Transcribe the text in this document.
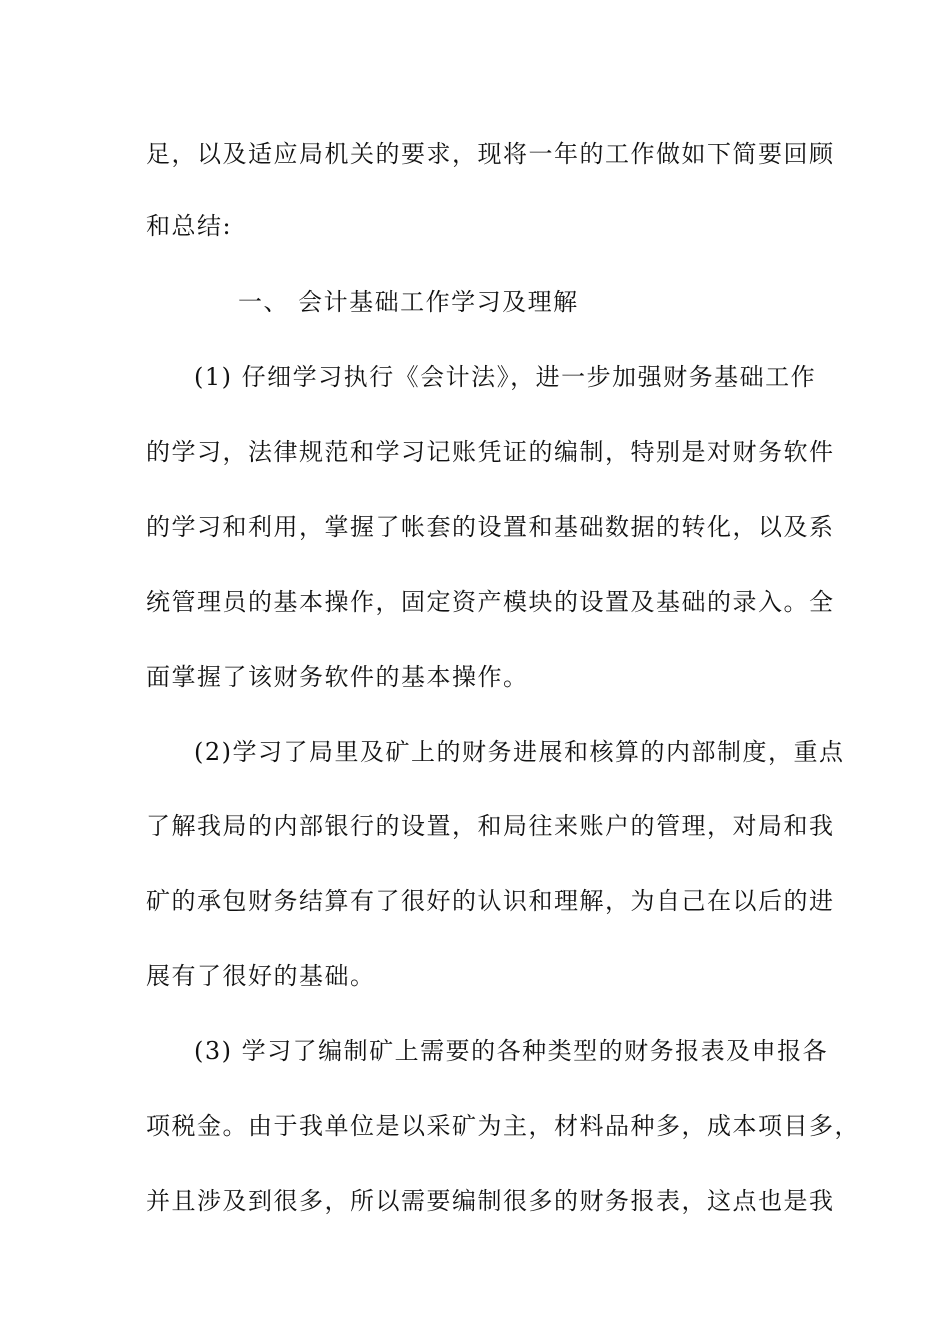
足，以及适应局机关的要求，现将一年的工作做如下简要回顾
和总结:
一、 会计基础工作学习及理解
(1) 仔细学习执行《会计法》，进一步加强财务基础工作
的学习，法律规范和学习记账凭证的编制，特别是对财务软件
的学习和利用，掌握了帐套的设置和基础数据的转化，以及系
统管理员的基本操作，固定资产模块的设置及基础的录入。全
面掌握了该财务软件的基本操作。
(2)学习了局里及矿上的财务进展和核算的内部制度，重点
了解我局的内部银行的设置，和局往来账户的管理，对局和我
矿的承包财务结算有了很好的认识和理解，为自己在以后的进
展有了很好的基础。
(3) 学习了编制矿上需要的各种类型的财务报表及申报各
项税金。由于我单位是以采矿为主，材料品种多，成本项目多，
并且涉及到很多，所以需要编制很多的财务报表，这点也是我
